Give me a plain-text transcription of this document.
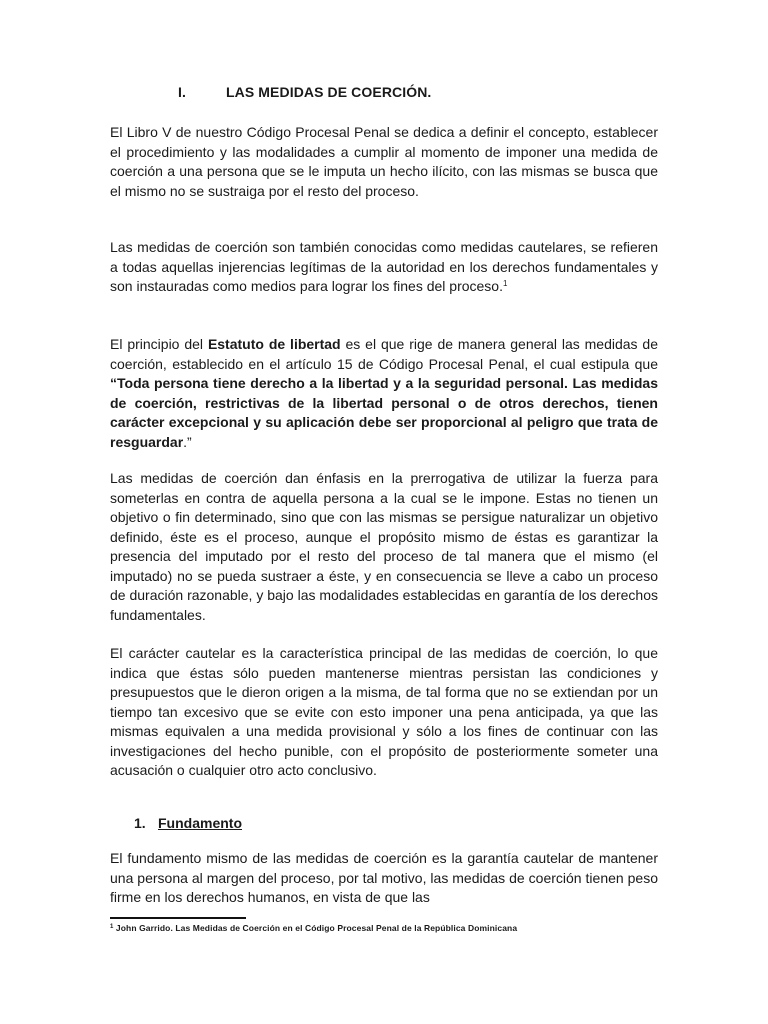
I.	LAS MEDIDAS DE COERCIÓN.
El Libro V de nuestro Código Procesal Penal se dedica a definir el concepto, establecer el procedimiento y las modalidades a cumplir al momento de imponer una medida de coerción a una persona que se le imputa un hecho ilícito, con las mismas se busca que el mismo no se sustraiga por el resto del proceso.
Las medidas de coerción son también conocidas como medidas cautelares, se refieren a todas aquellas injerencias legítimas de la autoridad en los derechos fundamentales y son instauradas como medios para lograr los fines del proceso.$^1$
El principio del Estatuto de libertad es el que rige de manera general las medidas de coerción, establecido en el artículo 15 de Código Procesal Penal, el cual estipula que “Toda persona tiene derecho a la libertad y a la seguridad personal. Las medidas de coerción, restrictivas de la libertad personal o de otros derechos, tienen carácter excepcional y su aplicación debe ser proporcional al peligro que trata de resguardar.”
Las medidas de coerción dan énfasis en la prerrogativa de utilizar la fuerza para someterlas en contra de aquella persona a la cual se le impone. Estas no tienen un objetivo o fin determinado, sino que con las mismas se persigue naturalizar un objetivo definido, éste es el proceso, aunque el propósito mismo de éstas es garantizar la presencia del imputado por el resto del proceso de tal manera que el mismo (el imputado) no se pueda sustraer a éste, y en consecuencia se lleve a cabo un proceso de duración razonable, y bajo las modalidades establecidas en garantía de los derechos fundamentales.
El carácter cautelar es la característica principal de las medidas de coerción, lo que indica que éstas sólo pueden mantenerse mientras persistan las condiciones y presupuestos que le dieron origen a la misma, de tal forma que no se extiendan por un tiempo tan excesivo que se evite con esto imponer una pena anticipada, ya que las mismas equivalen a una medida provisional y sólo a los fines de continuar con las investigaciones del hecho punible, con el propósito de posteriormente someter una acusación o cualquier otro acto conclusivo.
1. Fundamento
El fundamento mismo de las medidas de coerción es la garantía cautelar de mantener una persona al margen del proceso, por tal motivo, las medidas de coerción tienen peso firme en los derechos humanos, en vista de que las
$^1$ John Garrido. Las Medidas de Coerción en el Código Procesal Penal de la República Dominicana
